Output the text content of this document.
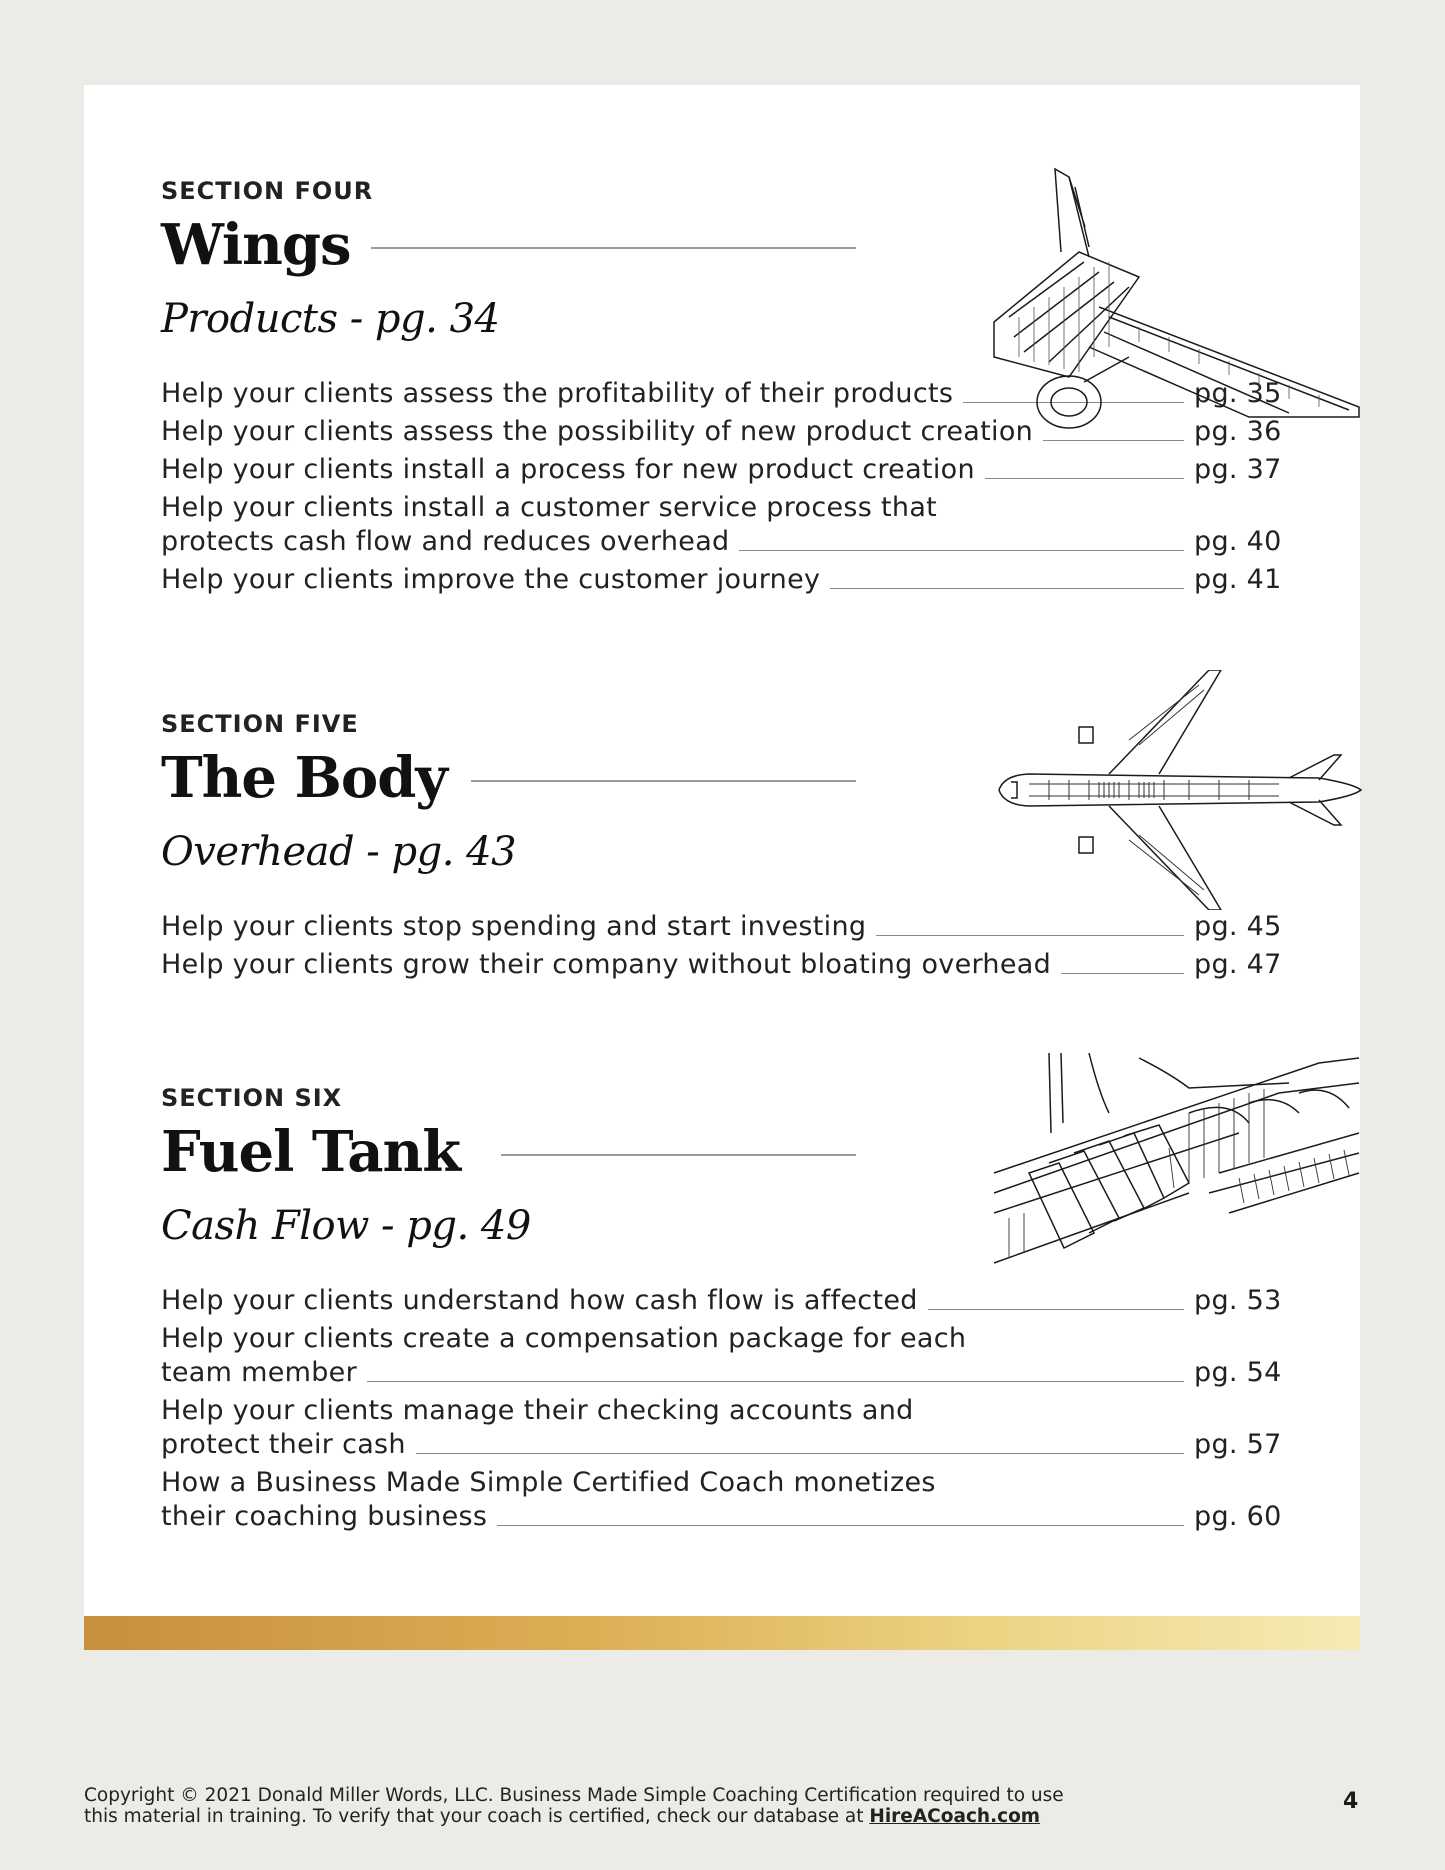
SECTION FOUR
Wings
Products - pg. 34
Help your clients assess the profitability of their products	pg. 35
Help your clients assess the possibility of new product creation	pg. 36
Help your clients install a process for new product creation	pg. 37
Help your clients install a customer service process that
protects cash flow and reduces overhead	pg. 40
Help your clients improve the customer journey	pg. 41
SECTION FIVE
The Body
Overhead - pg. 43
Help your clients stop spending and start investing	pg. 45
Help your clients grow their company without bloating overhead	pg. 47
SECTION SIX
Fuel Tank
Cash Flow - pg. 49
Help your clients understand how cash flow is affected	pg. 53
Help your clients create a compensation package for each
team member	pg. 54
Help your clients manage their checking accounts and
protect their cash	pg. 57
How a Business Made Simple Certified Coach monetizes
their coaching business	pg. 60
Copyright © 2021 Donald Miller Words, LLC. Business Made Simple Coaching Certification required to use
this material in training. To verify that your coach is certified, check our database at HireACoach.com
4
